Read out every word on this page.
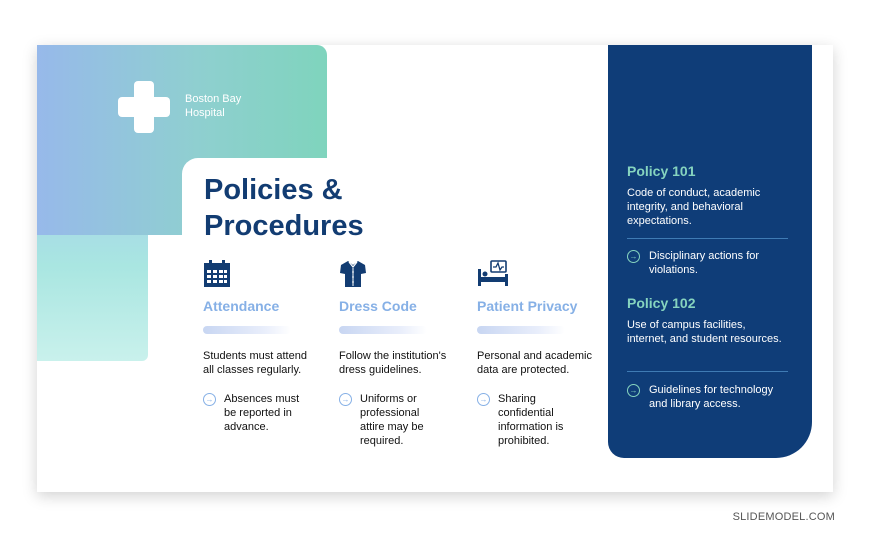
Boston Bay Hospital
Policies & Procedures
Attendance
Students must attend all classes regularly.
→ Absences must be reported in advance.
Dress Code
Follow the institution's dress guidelines.
→ Uniforms or professional attire may be required.
Patient Privacy
Personal and academic data are protected.
→ Sharing confidential information is prohibited.
Policy 101
Code of conduct, academic integrity, and behavioral expectations.
→ Disciplinary actions for violations.
Policy 102
Use of campus facilities, internet, and student resources.
→ Guidelines for technology and library access.
SLIDEMODEL.COM
